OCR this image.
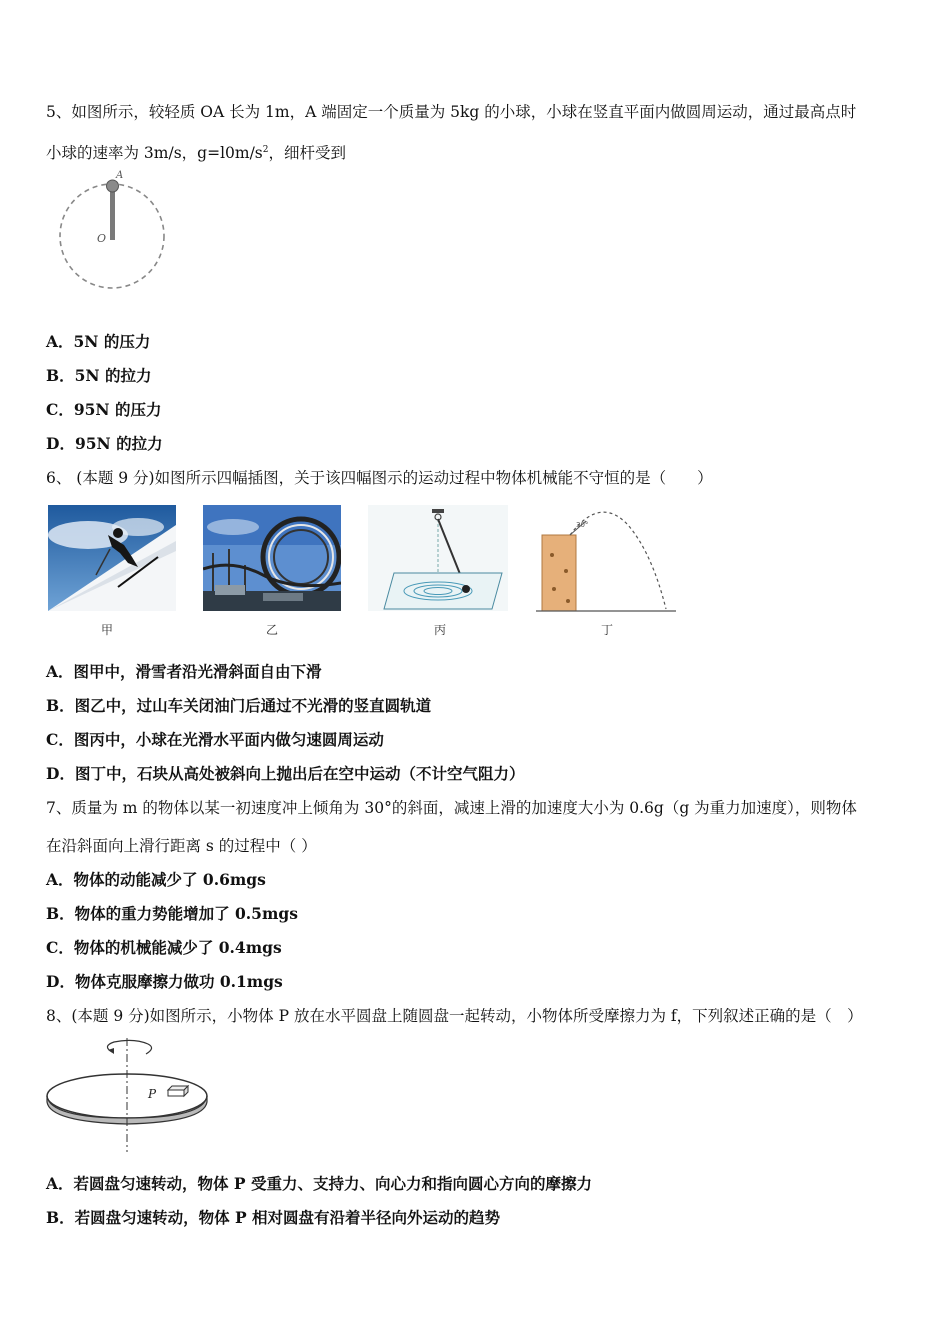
5、如图所示，较轻质 OA 长为 1m，A 端固定一个质量为 5kg 的小球，小球在竖直平面内做圆周运动，通过最高点时
小球的速率为 3m/s，$g=l0m/s^2$，细杆受到
A
O
A．5N 的压力
B．5N 的拉力
C．95N 的压力
D．95N 的拉力
6、 (本题 9 分)如图所示四幅插图，关于该四幅图示的运动过程中物体机械能不守恒的是（　　）
甲	乙	丙
30°
丁
A．图甲中，滑雪者沿光滑斜面自由下滑
B．图乙中，过山车关闭油门后通过不光滑的竖直圆轨道
C．图丙中，小球在光滑水平面内做匀速圆周运动
D．图丁中，石块从高处被斜向上抛出后在空中运动（不计空气阻力）
7、质量为 m 的物体以某一初速度冲上倾角为 30°的斜面，减速上滑的加速度大小为 0.6g（g 为重力加速度），则物体
在沿斜面向上滑行距离 s 的过程中（ ）
A．物体的动能减少了 0.6mgs
B．物体的重力势能增加了 0.5mgs
C．物体的机械能减少了 0.4mgs
D．物体克服摩擦力做功 0.1mgs
8、(本题 9 分)如图所示，小物体 P 放在水平圆盘上随圆盘一起转动，小物体所受摩擦力为 f，下列叙述正确的是（　）
P
A．若圆盘匀速转动，物体 P 受重力、支持力、向心力和指向圆心方向的摩擦力
B．若圆盘匀速转动，物体 P 相对圆盘有沿着半径向外运动的趋势
